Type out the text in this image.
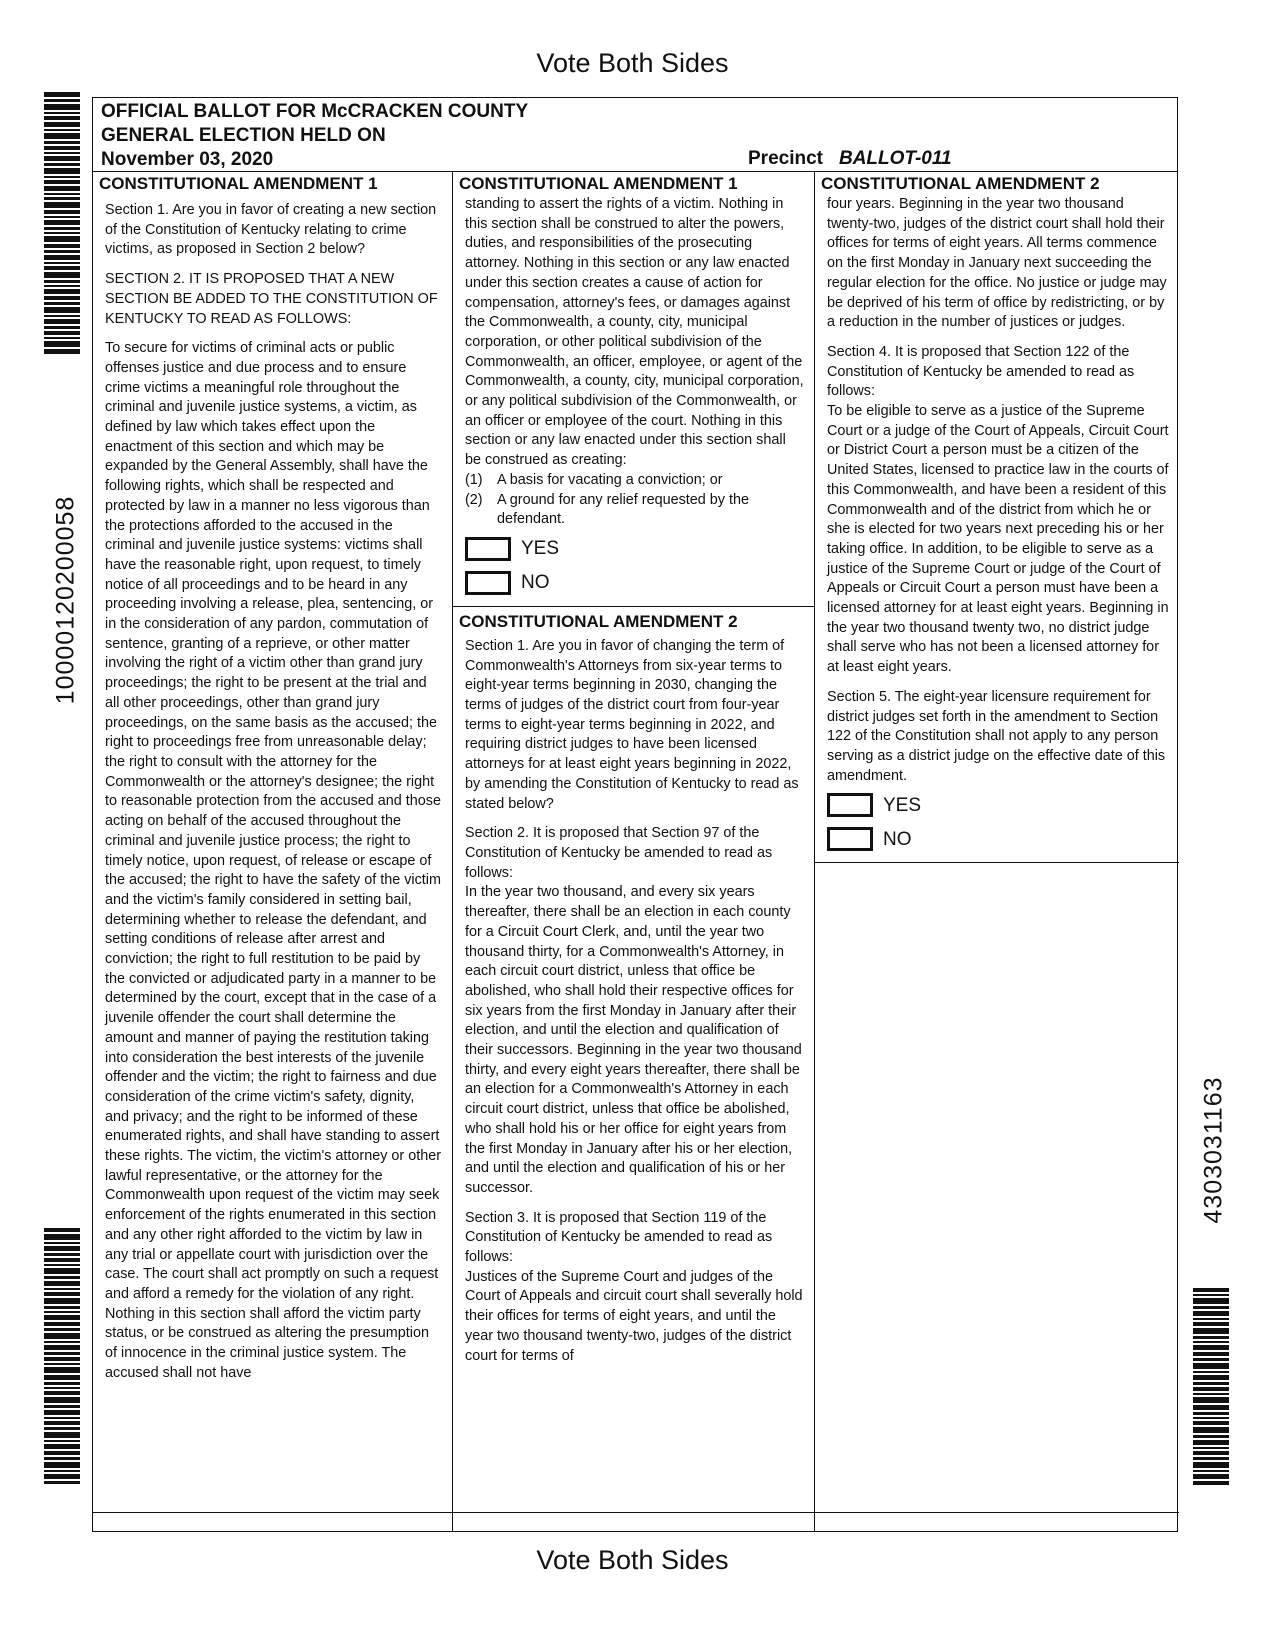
Vote Both Sides
10000120200058
4303031163
OFFICIAL BALLOT FOR McCRACKEN COUNTY
GENERAL ELECTION HELD ON
November 03, 2020	Precinct BALLOT-011
CONSTITUTIONAL AMENDMENT 1

Section 1. Are you in favor of creating a new section of the Constitution of Kentucky relating to crime victims, as proposed in Section 2 below?

SECTION 2. IT IS PROPOSED THAT A NEW SECTION BE ADDED TO THE CONSTITUTION OF KENTUCKY TO READ AS FOLLOWS:

To secure for victims of criminal acts or public offenses justice and due process and to ensure crime victims a meaningful role throughout the criminal and juvenile justice systems, a victim, as defined by law which takes effect upon the enactment of this section and which may be expanded by the General Assembly, shall have the following rights, which shall be respected and protected by law in a manner no less vigorous than the protections afforded to the accused in the criminal and juvenile justice systems: victims shall have the reasonable right, upon request, to timely notice of all proceedings and to be heard in any proceeding involving a release, plea, sentencing, or in the consideration of any pardon, commutation of sentence, granting of a reprieve, or other matter involving the right of a victim other than grand jury proceedings; the right to be present at the trial and all other proceedings, other than grand jury proceedings, on the same basis as the accused; the right to proceedings free from unreasonable delay; the right to consult with the attorney for the Commonwealth or the attorney's designee; the right to reasonable protection from the accused and those acting on behalf of the accused throughout the criminal and juvenile justice process; the right to timely notice, upon request, of release or escape of the accused; the right to have the safety of the victim and the victim's family considered in setting bail, determining whether to release the defendant, and setting conditions of release after arrest and conviction; the right to full restitution to be paid by the convicted or adjudicated party in a manner to be determined by the court, except that in the case of a juvenile offender the court shall determine the amount and manner of paying the restitution taking into consideration the best interests of the juvenile offender and the victim; the right to fairness and due consideration of the crime victim's safety, dignity, and privacy; and the right to be informed of these enumerated rights, and shall have standing to assert these rights. The victim, the victim's attorney or other lawful representative, or the attorney for the Commonwealth upon request of the victim may seek enforcement of the rights enumerated in this section and any other right afforded to the victim by law in any trial or appellate court with jurisdiction over the case. The court shall act promptly on such a request and afford a remedy for the violation of any right. Nothing in this section shall afford the victim party status, or be construed as altering the presumption of innocence in the criminal justice system. The accused shall not have

CONSTITUTIONAL AMENDMENT 1

standing to assert the rights of a victim. Nothing in this section shall be construed to alter the powers, duties, and responsibilities of the prosecuting attorney. Nothing in this section or any law enacted under this section creates a cause of action for compensation, attorney's fees, or damages against the Commonwealth, a county, city, municipal corporation, or other political subdivision of the Commonwealth, an officer, employee, or agent of the Commonwealth, a county, city, municipal corporation, or any political subdivision of the Commonwealth, or an officer or employee of the court. Nothing in this section or any law enacted under this section shall be construed as creating:

(1)	A basis for vacating a conviction; or
(2)	A ground for any relief requested by the defendant.
YES
NO
CONSTITUTIONAL AMENDMENT 2

Section 1. Are you in favor of changing the term of Commonwealth's Attorneys from six-year terms to eight-year terms beginning in 2030, changing the terms of judges of the district court from four-year terms to eight-year terms beginning in 2022, and requiring district judges to have been licensed attorneys for at least eight years beginning in 2022, by amending the Constitution of Kentucky to read as stated below?

Section 2. It is proposed that Section 97 of the Constitution of Kentucky be amended to read as follows:

In the year two thousand, and every six years thereafter, there shall be an election in each county for a Circuit Court Clerk, and, until the year two thousand thirty, for a Commonwealth's Attorney, in each circuit court district, unless that office be abolished, who shall hold their respective offices for six years from the first Monday in January after their election, and until the election and qualification of their successors. Beginning in the year two thousand thirty, and every eight years thereafter, there shall be an election for a Commonwealth's Attorney in each circuit court district, unless that office be abolished, who shall hold his or her office for eight years from the first Monday in January after his or her election, and until the election and qualification of his or her successor.

Section 3. It is proposed that Section 119 of the Constitution of Kentucky be amended to read as follows:

Justices of the Supreme Court and judges of the Court of Appeals and circuit court shall severally hold their offices for terms of eight years, and until the year two thousand twenty-two, judges of the district court for terms of

CONSTITUTIONAL AMENDMENT 2

four years. Beginning in the year two thousand twenty-two, judges of the district court shall hold their offices for terms of eight years. All terms commence on the first Monday in January next succeeding the regular election for the office. No justice or judge may be deprived of his term of office by redistricting, or by a reduction in the number of justices or judges.

Section 4. It is proposed that Section 122 of the Constitution of Kentucky be amended to read as follows:

To be eligible to serve as a justice of the Supreme Court or a judge of the Court of Appeals, Circuit Court or District Court a person must be a citizen of the United States, licensed to practice law in the courts of this Commonwealth, and have been a resident of this Commonwealth and of the district from which he or she is elected for two years next preceding his or her taking office. In addition, to be eligible to serve as a justice of the Supreme Court or judge of the Court of Appeals or Circuit Court a person must have been a licensed attorney for at least eight years. Beginning in the year two thousand twenty two, no district judge shall serve who has not been a licensed attorney for at least eight years.

Section 5. The eight-year licensure requirement for district judges set forth in the amendment to Section 122 of the Constitution shall not apply to any person serving as a district judge on the effective date of this amendment.

YES
NO
Vote Both Sides
